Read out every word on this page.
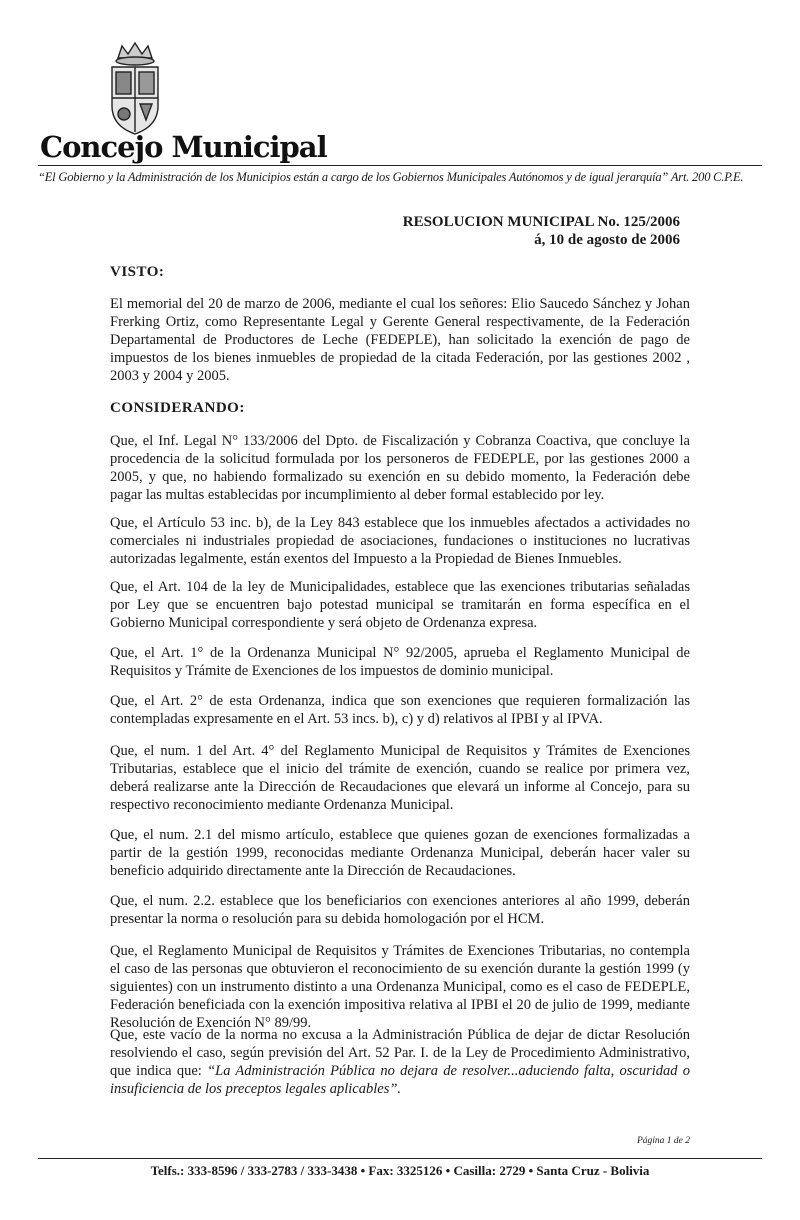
Concejo Municipal
“El Gobierno y la Administración de los Municipios están a cargo de los Gobiernos Municipales Autónomos y de igual jerarquía” Art. 200 C.P.E.
RESOLUCION MUNICIPAL No. 125/2006
á, 10 de agosto de 2006
VISTO:

El memorial del 20 de marzo de 2006, mediante el cual los señores: Elio Saucedo Sánchez y Johan Frerking Ortiz, como Representante Legal y Gerente General respectivamente, de la Federación Departamental de Productores de Leche (FEDEPLE), han solicitado la exención de pago de impuestos de los bienes inmuebles de propiedad de la citada Federación, por las gestiones 2002 , 2003 y 2004 y 2005.

CONSIDERANDO:

Que, el Inf. Legal N° 133/2006 del Dpto. de Fiscalización y Cobranza Coactiva, que concluye la procedencia de la solicitud formulada por los personeros de FEDEPLE, por las gestiones 2000 a 2005, y que, no habiendo formalizado su exención en su debido momento, la Federación debe pagar las multas establecidas por incumplimiento al deber formal establecido por ley.

Que, el Artículo 53 inc. b), de la Ley 843 establece que los inmuebles afectados a actividades no comerciales ni industriales propiedad de asociaciones, fundaciones o instituciones no lucrativas autorizadas legalmente, están exentos del Impuesto a la Propiedad de Bienes Inmuebles.

Que, el Art. 104 de la ley de Municipalidades, establece que las exenciones tributarias señaladas por Ley que se encuentren bajo potestad municipal se tramitarán en forma específica en el Gobierno Municipal correspondiente y será objeto de Ordenanza expresa.

Que, el Art. 1° de la Ordenanza Municipal N° 92/2005, aprueba el Reglamento Municipal de Requisitos y Trámite de Exenciones de los impuestos de dominio municipal.

Que, el Art. 2° de esta Ordenanza, indica que son exenciones que requieren formalización las contempladas expresamente en el Art. 53 incs. b), c) y d) relativos al IPBI y al IPVA.

Que, el num. 1 del Art. 4° del Reglamento Municipal de Requisitos y Trámites de Exenciones Tributarias, establece que el inicio del trámite de exención, cuando se realice por primera vez, deberá realizarse ante la Dirección de Recaudaciones que elevará un informe al Concejo, para su respectivo reconocimiento mediante Ordenanza Municipal.

Que, el num. 2.1 del mismo artículo, establece que quienes gozan de exenciones formalizadas a partir de la gestión 1999, reconocidas mediante Ordenanza Municipal, deberán hacer valer su beneficio adquirido directamente ante la Dirección de Recaudaciones.

Que, el num. 2.2. establece que los beneficiarios con exenciones anteriores al año 1999, deberán presentar la norma o resolución para su debida homologación por el HCM.

Que, el Reglamento Municipal de Requisitos y Trámites de Exenciones Tributarias, no contempla el caso de las personas que obtuvieron el reconocimiento de su exención durante la gestión 1999 (y siguientes) con un instrumento distinto a una Ordenanza Municipal, como es el caso de FEDEPLE, Federación beneficiada con la exención impositiva relativa al IPBI el 20 de julio de 1999, mediante Resolución de Exención N° 89/99.

Que, este vacío de la norma no excusa a la Administración Pública de dejar de dictar Resolución resolviendo el caso, según previsión del Art. 52 Par. I. de la Ley de Procedimiento Administrativo, que indica que: “La Administración Pública no dejara de resolver...aduciendo falta, oscuridad o insuficiencia de los preceptos legales aplicables”.

Página 1 de 2
Telfs.: 333-8596 / 333-2783 / 333-3438 • Fax: 3325126 • Casilla: 2729 • Santa Cruz - Bolivia
